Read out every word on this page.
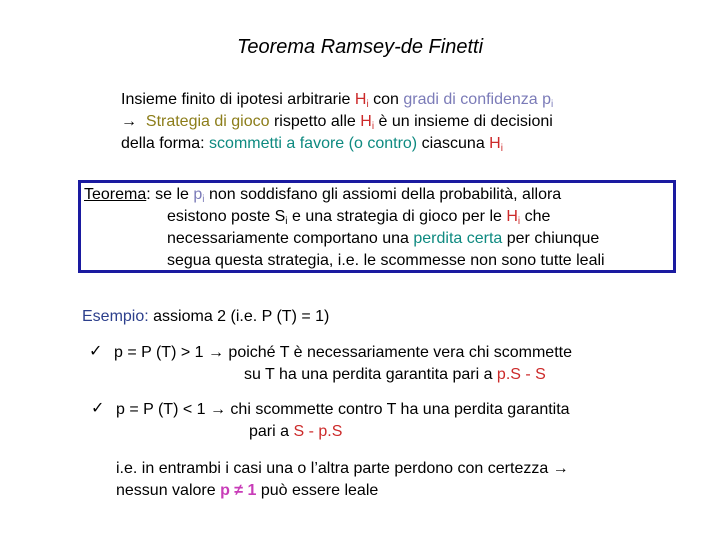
Teorema Ramsey-de Finetti
Insieme finito di ipotesi arbitrarie $H_i$ con gradi di confidenza $p_i$
→ Strategia di gioco rispetto alle $H_i$ è un insieme di decisioni
della forma: scommetti a favore (o contro) ciascuna $H_i$
Teorema: se le $p_i$ non soddisfano gli assiomi della probabilità, allora
esistono poste $S_i$ e una strategia di gioco per le $H_i$ che
necessariamente comportano una perdita certa per chiunque
segua questa strategia, i.e. le scommesse non sono tutte leali
Esempio: assioma 2 (i.e. P (T) = 1)
✓ p = P (T) > 1 → poiché T è necessariamente vera chi scommette
su T ha una perdita garantita pari a p.S - S
✓ p = P (T) < 1 → chi scommette contro T ha una perdita garantita
pari a S - p.S
i.e. in entrambi i casi una o l’altra parte perdono con certezza →
nessun valore p ≠ 1 può essere leale
